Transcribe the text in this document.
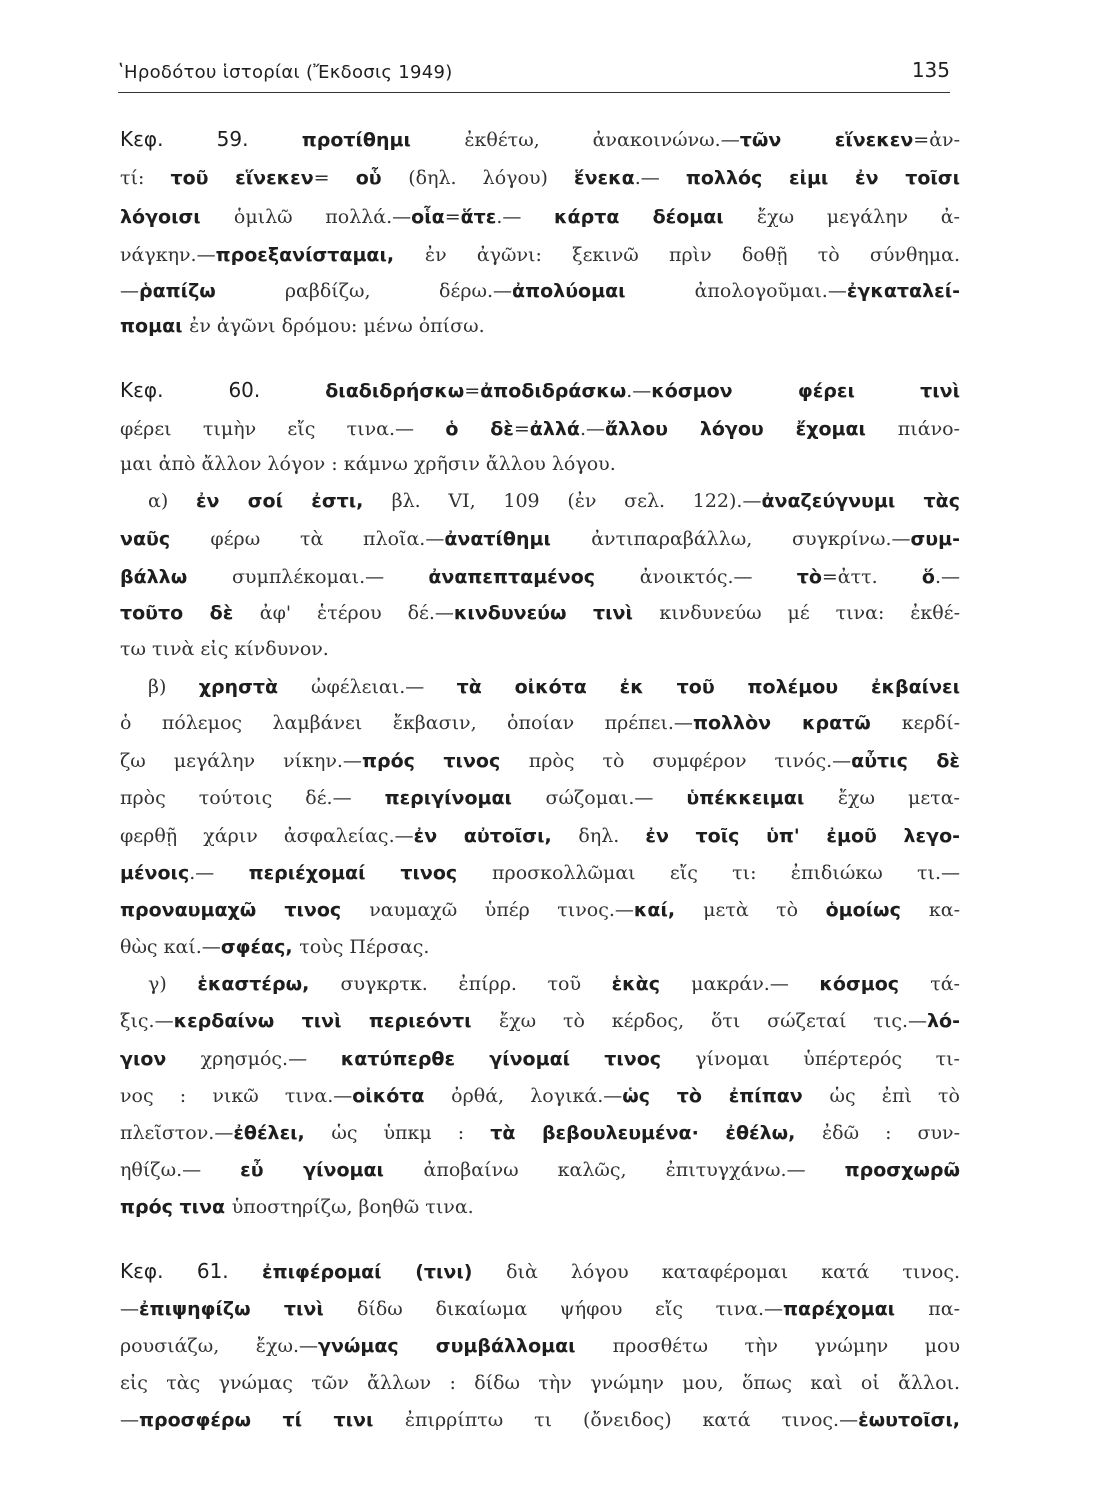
ʽΗροδότου ἱστορίαι (Ἔκδοσις 1949)	135
Κεφ. 59. προτίθημι ἐκθέτω, ἀνακοινώνω.—τῶν εἵνεκεν=ἀν-
τί: τοῦ εἵνεκεν= οὗ (δηλ. λόγου) ἕνεκα.— πολλός εἰμι ἐν τοῖσι
λόγοισι ὁμιλῶ πολλά.—οἷα=ἅτε.— κάρτα δέομαι ἔχω μεγάλην ἀ-
νάγκην.—προεξανίσταμαι, ἐν ἀγῶνι: ξεκινῶ πρὶν δοθῇ τὸ σύνθημα.
—ῥαπίζω ραβδίζω, δέρω.—ἀπολύομαι ἀπολογοῦμαι.—ἐγκαταλεί-
πομαι ἐν ἀγῶνι δρόμου: μένω ὀπίσω.
Κεφ. 60. διαδιδρήσκω=ἀποδιδράσκω.—κόσμον φέρει τινὶ
φέρει τιμὴν εἴς τινα.— ὁ δὲ=ἀλλά.—ἄλλου λόγου ἔχομαι πιάνο-
μαι ἀπὸ ἄλλον λόγον : κάμνω χρῆσιν ἄλλου λόγου.
α) ἐν σοί ἐστι, βλ. VI, 109 (ἐν σελ. 122).—ἀναζεύγνυμι τὰς
ναῦς φέρω τὰ πλοῖα.—ἀνατίθημι ἀντιπαραβάλλω, συγκρίνω.—συμ-
βάλλω συμπλέκομαι.— ἀναπεπταμένος ἀνοικτός.— τὸ=ἀττ. ὅ.—
τοῦτο δὲ ἀφ' ἑτέρου δέ.—κινδυνεύω τινὶ κινδυνεύω μέ τινα: ἐκθέ-
τω τινὰ εἰς κίνδυνον.
β) χρηστὰ ὠφέλειαι.— τὰ οἰκότα ἐκ τοῦ πολέμου ἐκβαίνει
ὁ πόλεμος λαμβάνει ἔκβασιν, ὁποίαν πρέπει.—πολλὸν κρατῶ κερδί-
ζω μεγάλην νίκην.—πρός τινος πρὸς τὸ συμφέρον τινός.—αὖτις δὲ
πρὸς τούτοις δέ.— περιγίνομαι σώζομαι.— ὑπέκκειμαι ἔχω μετα-
φερθῇ χάριν ἀσφαλείας.—ἐν αὐτοῖσι, δηλ. ἐν τοῖς ὑπ' ἐμοῦ λεγο-
μένοις.— περιέχομαί τινος προσκολλῶμαι εἴς τι: ἐπιδιώκω τι.—
προναυμαχῶ τινος ναυμαχῶ ὑπέρ τινος.—καί, μετὰ τὸ ὁμοίως κα-
θὼς καί.—σφέας, τοὺς Πέρσας.
γ) ἑκαστέρω, συγκρτκ. ἐπίρρ. τοῦ ἑκὰς μακράν.— κόσμος τά-
ξις.—κερδαίνω τινὶ περιεόντι ἔχω τὸ κέρδος, ὅτι σώζεταί τις.—λό-
γιον χρησμός.— κατύπερθε γίνομαί τινος γίνομαι ὑπέρτερός τι-
νος : νικῶ τινα.—οἰκότα ὀρθά, λογικά.—ὡς τὸ ἐπίπαν ὡς ἐπὶ τὸ
πλεῖστον.—ἐθέλει, ὡς ὑπκμ : τὰ βεβουλευμένα· ἐθέλω, ἐδῶ : συν-
ηθίζω.— εὖ γίνομαι ἀποβαίνω καλῶς, ἐπιτυγχάνω.— προσχωρῶ
πρός τινα ὑποστηρίζω, βοηθῶ τινα.
Κεφ. 61. ἐπιφέρομαί (τινι) διὰ λόγου καταφέρομαι κατά τινος.
—ἐπιψηφίζω τινὶ δίδω δικαίωμα ψήφου εἴς τινα.—παρέχομαι πα-
ρουσιάζω, ἔχω.—γνώμας συμβάλλομαι προσθέτω τὴν γνώμην μου
εἰς τὰς γνώμας τῶν ἄλλων : δίδω τὴν γνώμην μου, ὅπως καὶ οἱ ἄλλοι.
—προσφέρω τί τινι ἐπιρρίπτω τι (ὄνειδος) κατά τινος.—ἑωυτοῖσι,
